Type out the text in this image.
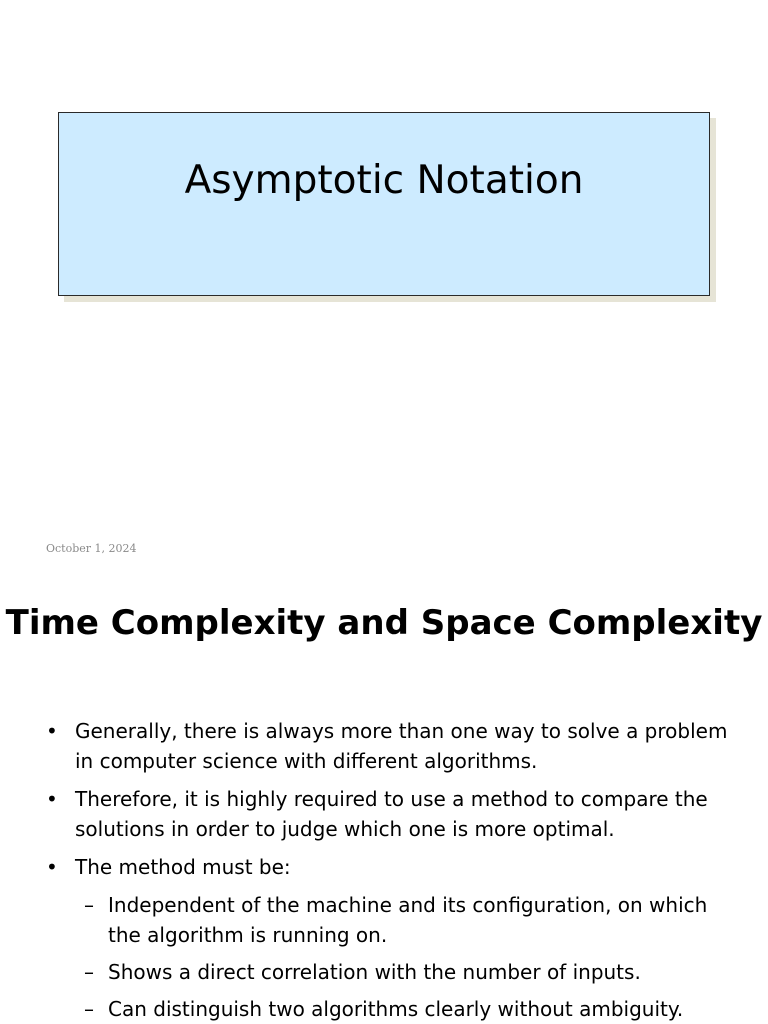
Asymptotic Notation
October 1, 2024
Time Complexity and Space Complexity
• Generally, there is always more than one way to solve a problem in computer science with different algorithms.
• Therefore, it is highly required to use a method to compare the solutions in order to judge which one is more optimal.
• The method must be:
– Independent of the machine and its configuration, on which the algorithm is running on.
– Shows a direct correlation with the number of inputs.
– Can distinguish two algorithms clearly without ambiguity.
